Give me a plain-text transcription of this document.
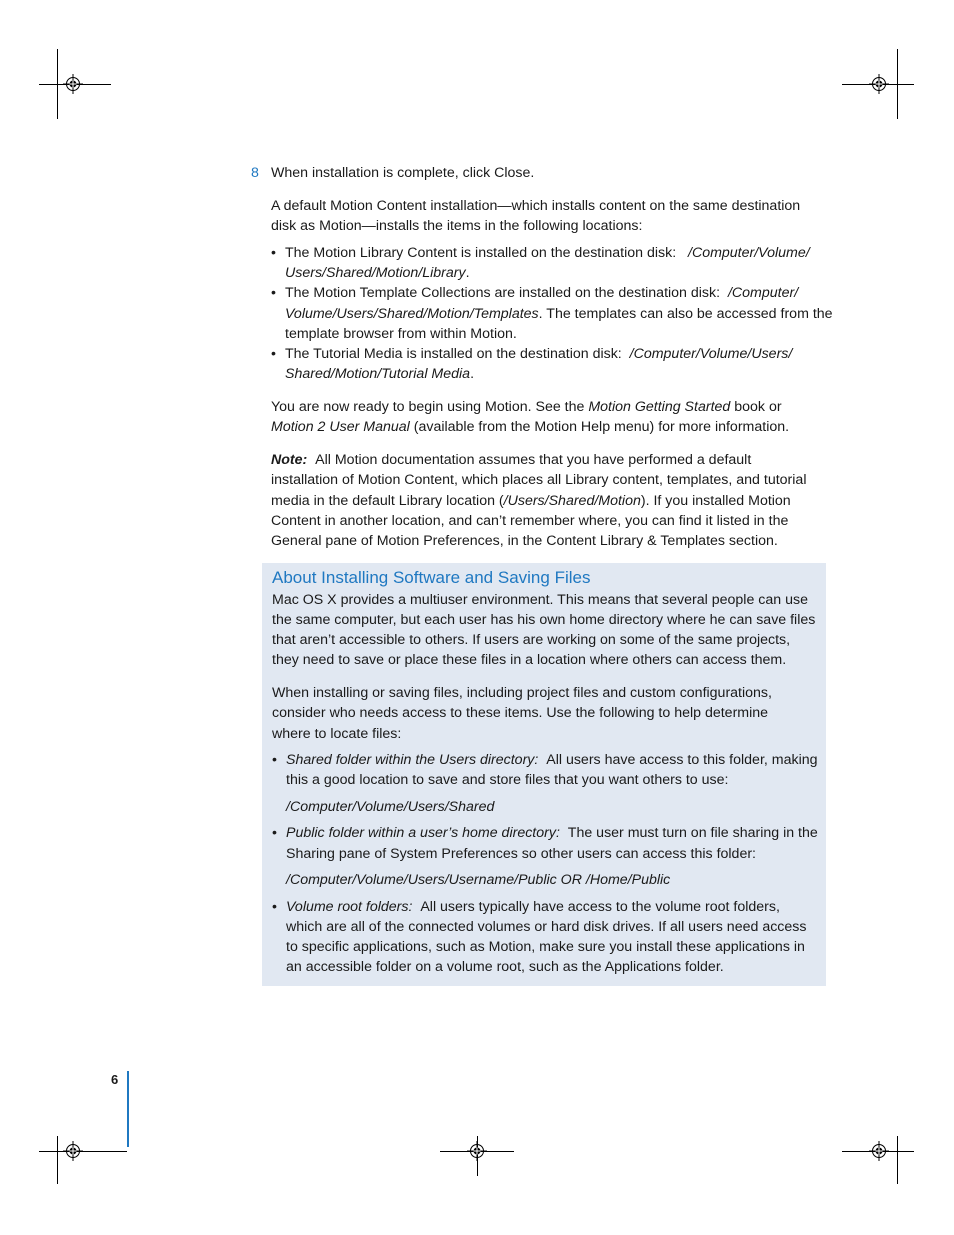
8 When installation is complete, click Close.
A default Motion Content installation—which installs content on the same destination
disk as Motion—installs the items in the following locations:
• The Motion Library Content is installed on the destination disk: /Computer/Volume/
Users/Shared/Motion/Library.
• The Motion Template Collections are installed on the destination disk: /Computer/
Volume/Users/Shared/Motion/Templates. The templates can also be accessed from the
template browser from within Motion.
• The Tutorial Media is installed on the destination disk: /Computer/Volume/Users/
Shared/Motion/Tutorial Media.
You are now ready to begin using Motion. See the Motion Getting Started book or
Motion 2 User Manual (available from the Motion Help menu) for more information.
Note: All Motion documentation assumes that you have performed a default
installation of Motion Content, which places all Library content, templates, and tutorial
media in the default Library location (/Users/Shared/Motion). If you installed Motion
Content in another location, and can’t remember where, you can find it listed in the
General pane of Motion Preferences, in the Content Library & Templates section.
About Installing Software and Saving Files
Mac OS X provides a multiuser environment. This means that several people can use
the same computer, but each user has his own home directory where he can save files
that aren’t accessible to others. If users are working on some of the same projects,
they need to save or place these files in a location where others can access them.
When installing or saving files, including project files and custom configurations,
consider who needs access to these items. Use the following to help determine
where to locate files:
• Shared folder within the Users directory: All users have access to this folder, making
this a good location to save and store files that you want others to use:
/Computer/Volume/Users/Shared
• Public folder within a user’s home directory: The user must turn on file sharing in the
Sharing pane of System Preferences so other users can access this folder:
/Computer/Volume/Users/Username/Public OR /Home/Public
• Volume root folders: All users typically have access to the volume root folders,
which are all of the connected volumes or hard disk drives. If all users need access
to specific applications, such as Motion, make sure you install these applications in
an accessible folder on a volume root, such as the Applications folder.
6
